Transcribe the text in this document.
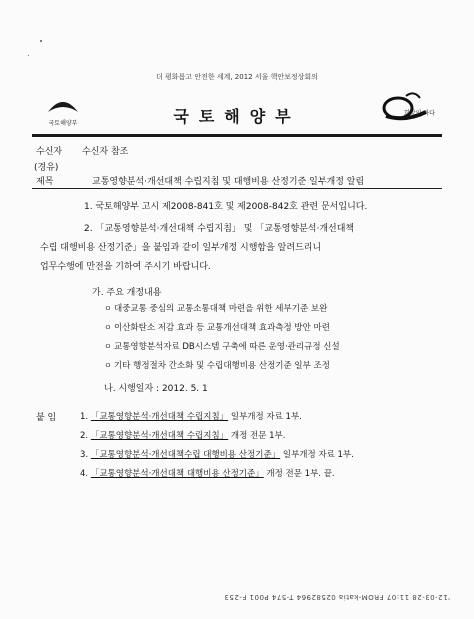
더 평화롭고 안전한 세계, 2012 서울 핵안보정상회의
국토해양부	국토해양부	희망의 바다
수신자 수신자 참조
(경유)
제목	교통영향분석·개선대책 수립지침 및 대행비용 산정기준 일부개정 알림
1. 국토해양부 고시 제2008-841호 및 제2008-842호 관련 문서입니다.
2. 「교통영향분석·개선대책 수립지침」 및 「교통영향분석·개선대책
수립 대행비용 산정기준」을 붙임과 같이 일부개정 시행함을 알려드리니
업무수행에 만전을 기하여 주시기 바랍니다.
가. 주요 개정내용
ㅇ 대중교통 중심의 교통소통대책 마련을 위한 세부기준 보완
ㅇ 이산화탄소 저감 효과 등 교통개선대책 효과측정 방안 마련
ㅇ 교통영향분석자료 DB시스템 구축에 따른 운영·관리규정 신설
ㅇ 기타 행정절차 간소화 및 수립대행비용 산정기준 일부 조정
나. 시행일자 : 2012. 5. 1
붙 임	1. 「교통영향분석·개선대책 수립지침」 일부개정 자료 1부.
2. 「교통영향분석·개선대책 수립지침」 개정 전문 1부.
3. 「교통영향분석·개선대책수립 대행비용 산정기준」 일부개정 자료 1부.
4. 「교통영향분석·개선대책 대행비용 산정기준」 개정 전문 1부. 끝.
'12-03-28 11:07 FROM-katia 02582964 T-574 P001 F-253
